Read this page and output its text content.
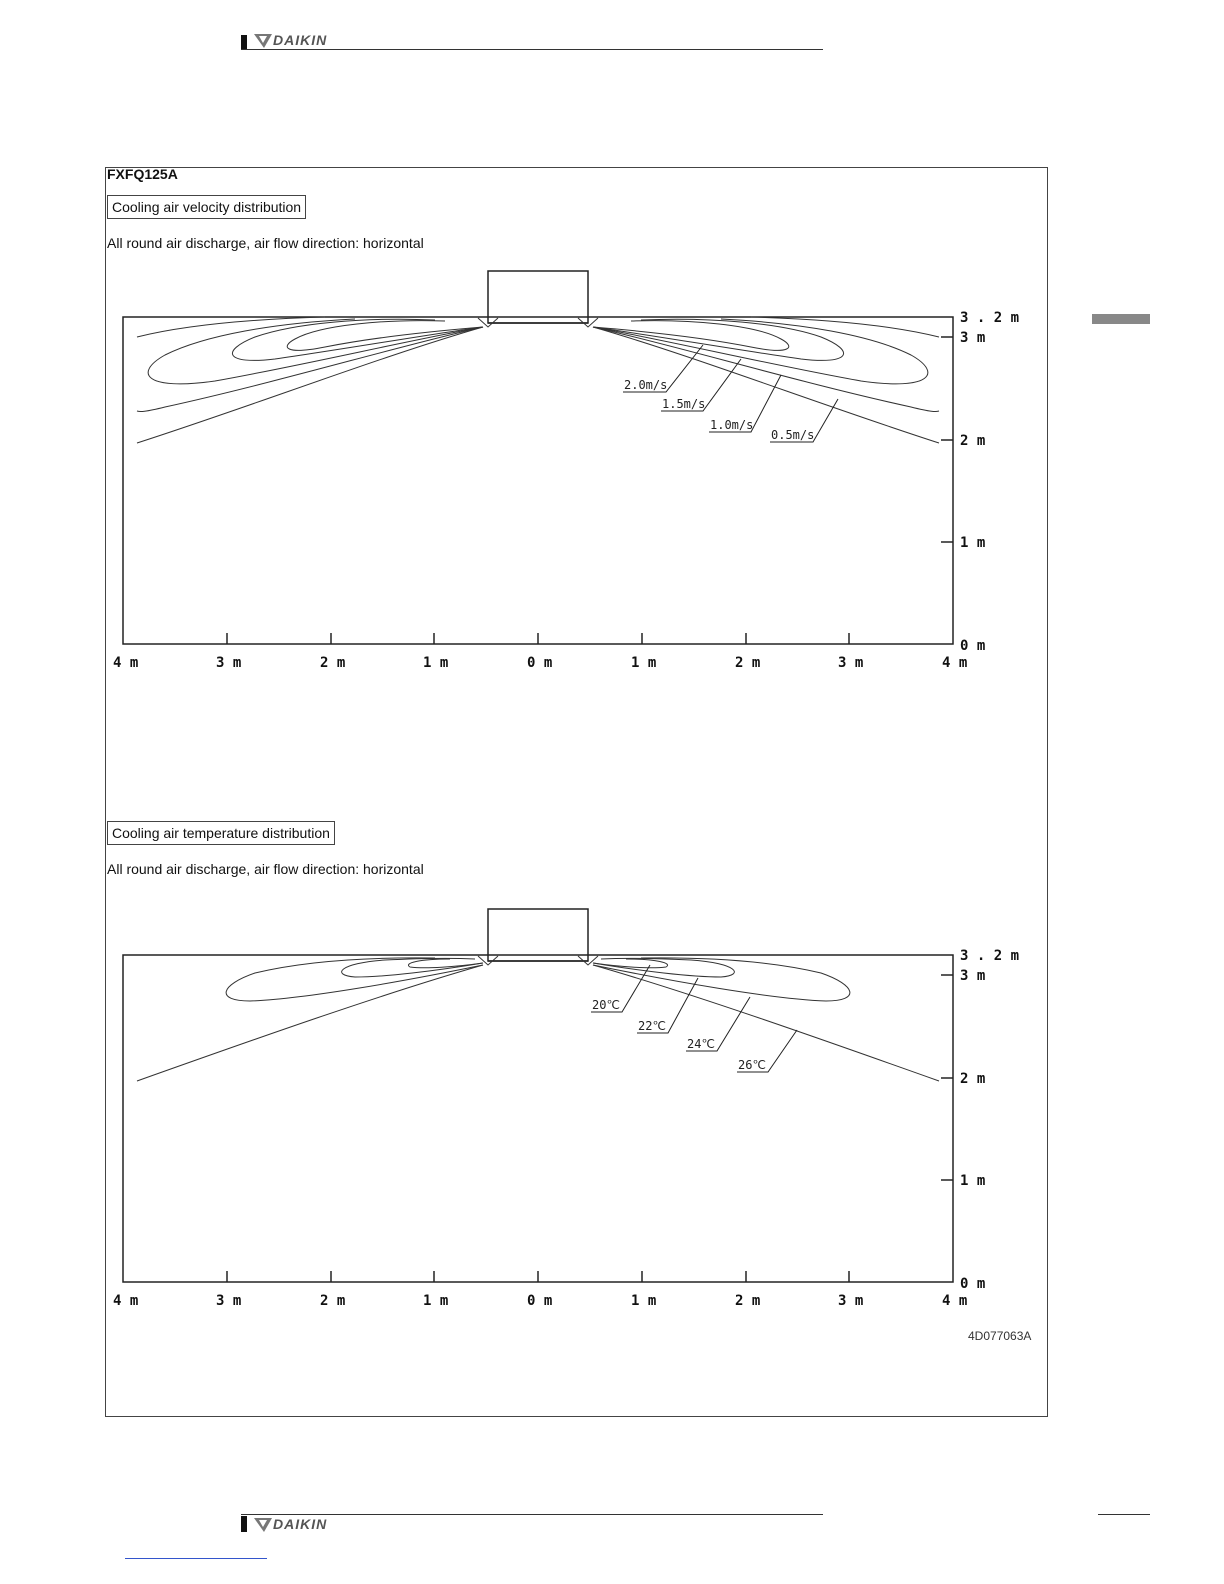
DAIKIN
FXFQ125A
Cooling air velocity distribution
All round air discharge, air flow direction: horizontal
2.0m/s
1.5m/s
1.0m/s
0.5m/s
4 m	3 m	2 m	1 m	0 m	1 m	2 m	3 m	4 m
3 . 2 m
3 m
2 m
1 m
0 m
Cooling air temperature distribution
All round air discharge, air flow direction: horizontal
20℃
22℃
24℃
26℃
4 m	3 m	2 m	1 m	0 m	1 m	2 m	3 m	4 m
3 . 2 m
3 m
2 m
1 m
0 m
4D077063A
DAIKIN
